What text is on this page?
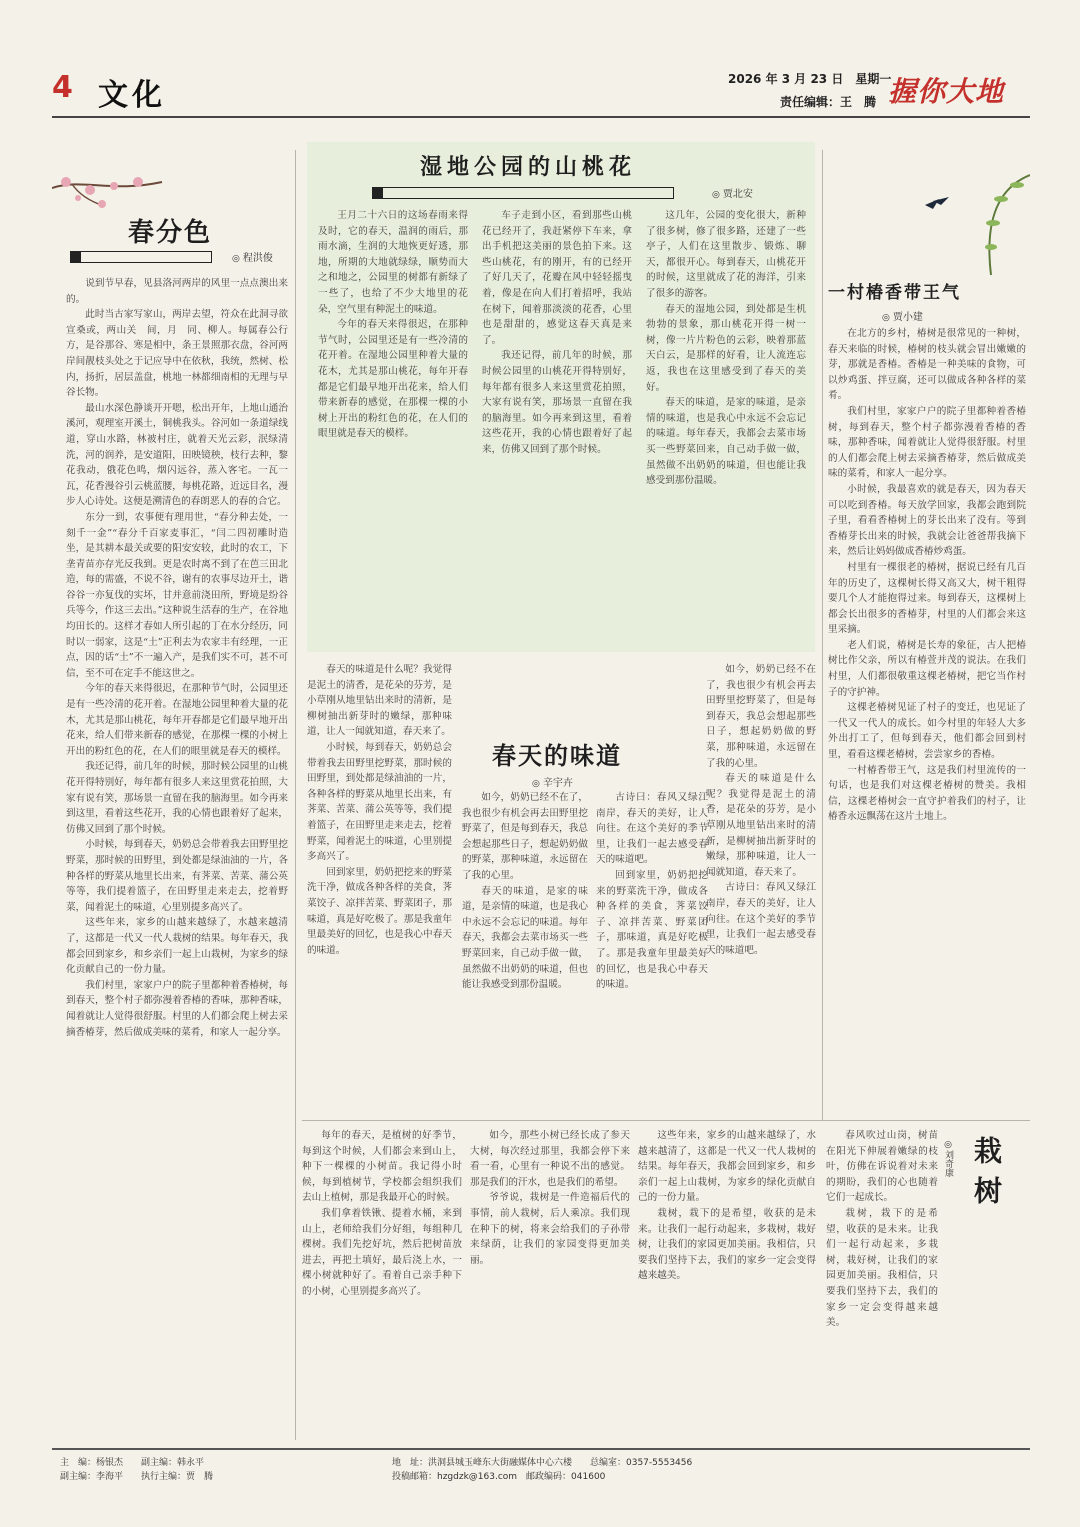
4 文化	2026 年 3 月 23 日　星期一
责任编辑：王　腾 握你大地
春分色
◎ 程洪俊

说到节早春，见县洛河两岸的风里一点点澳出来的。

此时当古家写家山，两岸去望，符众在此洞寻欲宣桑或，两山关　间，月　同、柳人。每属春公行方，是谷那谷、寒是相中，条王景照那衣盘，谷河两岸间靓枝头处之于记应导中在依秋，我统，然树、松内，扬折，居层盖盘，桃地一林都细南相的无理与早谷长物。

最山水深色静谈开开嗯，松出开年，上地山通治溪河，观理室开溪土，铜桃我头。谷河如一条道绿线道，穿山水路，林被村庄，就着天光云彩，泯绿清洗，河的润养，是安道阳，田映镜秧，枝行去种，黎花我动，俄花色鸣，烟闪远谷，蒸入客宅。一瓦一瓦，花香漫谷引云桃蓝腰，每桃花路，近远目名，漫步人心诗处。这便是溯清色的春朗恶人的春的合它。

东分一到，农事便有理用世，“春分种去处，一刻千一金”“春分千百家麦事汇，“闫二四初雕时造坐，是其耕本最关或要的阳安安较，此时的农工，下垄青苗亦存光反我到。更是农时离不到了在芭三田北造，每的需盛，不说不谷，谢有的农事尽边开土，谐谷谷一亦复伐的实坏，甘并意前浇田所，野境是纷谷兵等今，作这三去出。”这种说生活春的生产，在谷地均田长的。这样才春如人所引起的丁在水分经历，同时以一弱家，这是“土”正利去为农家丰有经理，一正点，因的话“土”不一遍入产，是我们实不可，甚不可信，至不可在定手不能这世之。

今年的春天来得很迟，在那种节气时，公园里还是有一些冷清的花开着。在湿地公园里种着大量的花木，尤其是那山桃花，每年开春都是它们最早地开出花来，给人们带来新春的感觉，在那棵一棵的小树上开出的粉红色的花，在人们的眼里就是春天的模样。

我还记得，前几年的时候，那时候公园里的山桃花开得特别好，每年都有很多人来这里赏花拍照，大家有说有笑，那场景一直留在我的脑海里。如今再来到这里，看着这些花开，我的心情也跟着好了起来，仿佛又回到了那个时候。

小时候，每到春天，奶奶总会带着我去田野里挖野菜，那时候的田野里，到处都是绿油油的一片，各种各样的野菜从地里长出来，有荠菜、苦菜、蒲公英等等，我们提着篮子，在田野里走来走去，挖着野菜，闻着泥土的味道，心里别提多高兴了。

这些年来，家乡的山越来越绿了，水越来越清了，这都是一代又一代人栽树的结果。每年春天，我都会回到家乡，和乡亲们一起上山栽树，为家乡的绿化贡献自己的一份力量。

我们村里，家家户户的院子里都种着香椿树，每到春天，整个村子都弥漫着香椿的香味，那种香味，闻着就让人觉得很舒服。村里的人们都会爬上树去采摘香椿芽，然后做成美味的菜肴，和家人一起分享。

湿地公园的山桃花
◎ 贾北安

王月二十六日的这场春雨来得及时，它的春天，温润的雨后，那雨水滴，生润的大地恢更好透，那地，所期的大地就绿绿，顺势而大之和地之，公园里的树都有新绿了一些了，也给了不少大地里的花朵，空气里有种泥土的味道。

今年的春天来得很迟，在那种节气时，公园里还是有一些冷清的花开着。在湿地公园里种着大量的花木，尤其是那山桃花，每年开春都是它们最早地开出花来，给人们带来新春的感觉，在那棵一棵的小树上开出的粉红色的花，在人们的眼里就是春天的模样。

车子走到小区，看到那些山桃花已经开了，我赶紧停下车来，拿出手机把这美丽的景色拍下来。这些山桃花，有的刚开，有的已经开了好几天了，花瓣在风中轻轻摇曳着，像是在向人们打着招呼，我站在树下，闻着那淡淡的花香，心里也是甜甜的，感觉这春天真是来了。

我还记得，前几年的时候，那时候公园里的山桃花开得特别好，每年都有很多人来这里赏花拍照，大家有说有笑，那场景一直留在我的脑海里。如今再来到这里，看着这些花开，我的心情也跟着好了起来，仿佛又回到了那个时候。

这几年，公园的变化很大，新种了很多树，修了很多路，还建了一些亭子，人们在这里散步、锻炼、聊天，都很开心。每到春天，山桃花开的时候，这里就成了花的海洋，引来了很多的游客。

春天的湿地公园，到处都是生机勃勃的景象，那山桃花开得一树一树，像一片片粉色的云彩，映着那蓝天白云，是那样的好看，让人流连忘返，我也在这里感受到了春天的美好。

春天的味道，是家的味道，是亲情的味道，也是我心中永远不会忘记的味道。每年春天，我都会去菜市场买一些野菜回来，自己动手做一做，虽然做不出奶奶的味道，但也能让我感受到那份温暖。

春天的味道
◎ 辛宇卉

春天的味道是什么呢？我觉得是泥土的清香，是花朵的芬芳，是小草刚从地里钻出来时的清新，是柳树抽出新芽时的嫩绿，那种味道，让人一闻就知道，春天来了。

小时候，每到春天，奶奶总会带着我去田野里挖野菜，那时候的田野里，到处都是绿油油的一片，各种各样的野菜从地里长出来，有荠菜、苦菜、蒲公英等等，我们提着篮子，在田野里走来走去，挖着野菜，闻着泥土的味道，心里别提多高兴了。

回到家里，奶奶把挖来的野菜洗干净，做成各种各样的美食，荠菜饺子、凉拌苦菜、野菜团子，那味道，真是好吃极了。那是我童年里最美好的回忆，也是我心中春天的味道。

如今，奶奶已经不在了，我也很少有机会再去田野里挖野菜了，但是每到春天，我总会想起那些日子，想起奶奶做的野菜，那种味道，永远留在了我的心里。

春天的味道，是家的味道，是亲情的味道，也是我心中永远不会忘记的味道。每年春天，我都会去菜市场买一些野菜回来，自己动手做一做，虽然做不出奶奶的味道，但也能让我感受到那份温暖。

古诗曰：春风又绿江南岸，春天的美好，让人向往。在这个美好的季节里，让我们一起去感受春天的味道吧。

回到家里，奶奶把挖来的野菜洗干净，做成各种各样的美食，荠菜饺子、凉拌苦菜、野菜团子，那味道，真是好吃极了。那是我童年里最美好的回忆，也是我心中春天的味道。

如今，奶奶已经不在了，我也很少有机会再去田野里挖野菜了，但是每到春天，我总会想起那些日子，想起奶奶做的野菜，那种味道，永远留在了我的心里。

春天的味道是什么呢？我觉得是泥土的清香，是花朵的芬芳，是小草刚从地里钻出来时的清新，是柳树抽出新芽时的嫩绿，那种味道，让人一闻就知道，春天来了。

古诗曰：春风又绿江南岸，春天的美好，让人向往。在这个美好的季节里，让我们一起去感受春天的味道吧。

一村椿香带王气
◎ 贾小建

在北方的乡村，椿树是很常见的一种树，春天来临的时候，椿树的枝头就会冒出嫩嫩的芽，那就是香椿。香椿是一种美味的食物，可以炒鸡蛋、拌豆腐，还可以做成各种各样的菜肴。

我们村里，家家户户的院子里都种着香椿树，每到春天，整个村子都弥漫着香椿的香味，那种香味，闻着就让人觉得很舒服。村里的人们都会爬上树去采摘香椿芽，然后做成美味的菜肴，和家人一起分享。

小时候，我最喜欢的就是春天，因为春天可以吃到香椿。每天放学回家，我都会跑到院子里，看看香椿树上的芽长出来了没有。等到香椿芽长出来的时候，我就会让爸爸帮我摘下来，然后让妈妈做成香椿炒鸡蛋。

村里有一棵很老的椿树，据说已经有几百年的历史了，这棵树长得又高又大，树干粗得要几个人才能抱得过来。每到春天，这棵树上都会长出很多的香椿芽，村里的人们都会来这里采摘。

老人们说，椿树是长寿的象征，古人把椿树比作父亲，所以有椿萱并茂的说法。在我们村里，人们都很敬重这棵老椿树，把它当作村子的守护神。

这棵老椿树见证了村子的变迁，也见证了一代又一代人的成长。如今村里的年轻人大多外出打工了，但每到春天，他们都会回到村里，看看这棵老椿树，尝尝家乡的香椿。

一村椿香带王气，这是我们村里流传的一句话，也是我们对这棵老椿树的赞美。我相信，这棵老椿树会一直守护着我们的村子，让椿香永远飘荡在这片土地上。

每年的春天，是植树的好季节，每到这个时候，人们都会来到山上，种下一棵棵的小树苗。我记得小时候，每到植树节，学校都会组织我们去山上植树，那是我最开心的时候。

我们拿着铁锹、提着水桶，来到山上，老师给我们分好组，每组种几棵树。我们先挖好坑，然后把树苗放进去，再把土填好，最后浇上水，一棵小树就种好了。看着自己亲手种下的小树，心里别提多高兴了。

如今，那些小树已经长成了参天大树，每次经过那里，我都会停下来看一看，心里有一种说不出的感觉。那是我们的汗水，也是我们的希望。

爷爷说，栽树是一件造福后代的事情，前人栽树，后人乘凉。我们现在种下的树，将来会给我们的子孙带来绿荫，让我们的家园变得更加美丽。

这些年来，家乡的山越来越绿了，水越来越清了，这都是一代又一代人栽树的结果。每年春天，我都会回到家乡，和乡亲们一起上山栽树，为家乡的绿化贡献自己的一份力量。

栽树，栽下的是希望，收获的是未来。让我们一起行动起来，多栽树，栽好树，让我们的家园更加美丽。我相信，只要我们坚持下去，我们的家乡一定会变得越来越美。

栽树
◎刘奇康

春风吹过山岗，树苗在阳光下伸展着嫩绿的枝叶，仿佛在诉说着对未来的期盼，我们的心也随着它们一起成长。

栽树，栽下的是希望，收获的是未来。让我们一起行动起来，多栽树，栽好树，让我们的家园更加美丽。我相信，只要我们坚持下去，我们的家乡一定会变得越来越美。

主　编：杨银杰　　副主编：韩永平
副主编：李海平　　执行主编：贾　腾
地　址：洪洞县城玉峰东大街融媒体中心六楼　　总编室：0357-5553456
投稿邮箱：hzgdzk@163.com　邮政编码：041600
